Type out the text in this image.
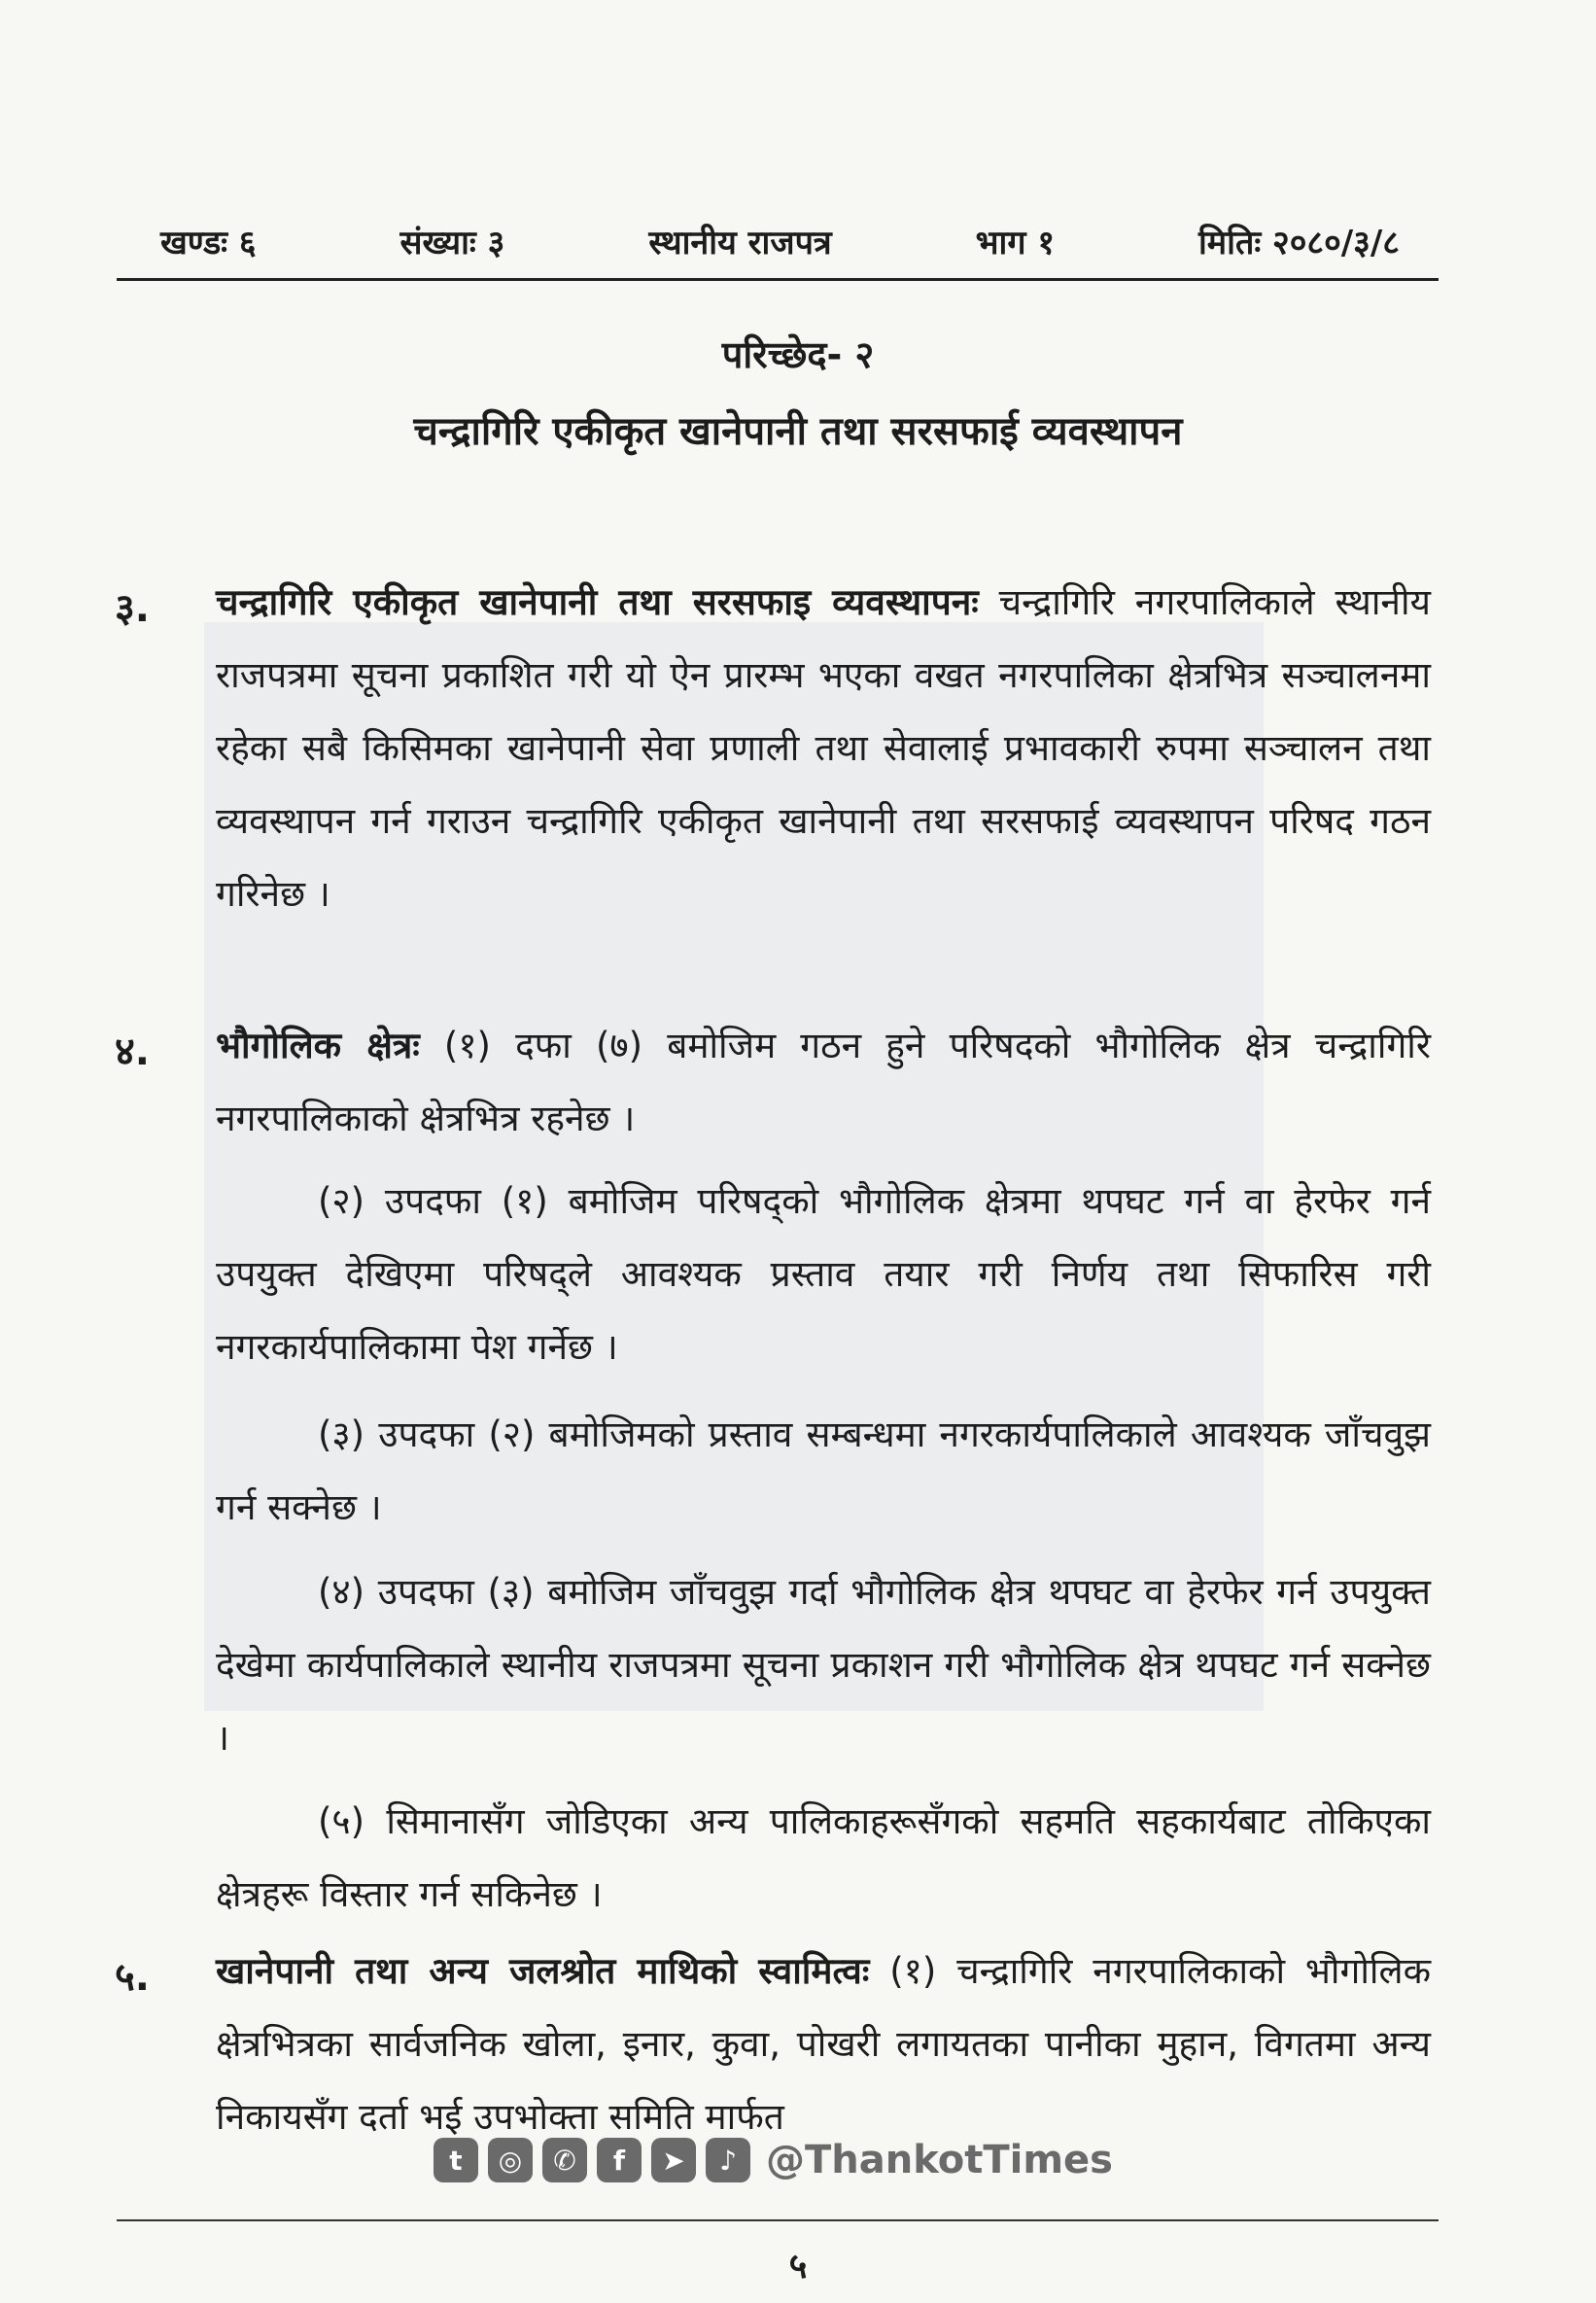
खण्डः ६	संख्याः ३	स्थानीय राजपत्र	भाग १	मितिः २०८०/३/८
परिच्छेद- २
चन्द्रागिरि एकीकृत खानेपानी तथा सरसफाई व्यवस्थापन
३. चन्द्रागिरि एकीकृत खानेपानी तथा सरसफाइ व्यवस्थापनः चन्द्रागिरि नगरपालिकाले स्थानीय राजपत्रमा सूचना प्रकाशित गरी यो ऐन प्रारम्भ भएका वखत नगरपालिका क्षेत्रभित्र सञ्चालनमा रहेका सबै किसिमका खानेपानी सेवा प्रणाली तथा सेवालाई प्रभावकारी रुपमा सञ्चालन तथा व्यवस्थापन गर्न गराउन चन्द्रागिरि एकीकृत खानेपानी तथा सरसफाई व्यवस्थापन परिषद गठन गरिनेछ ।
४. भौगोलिक क्षेत्रः (१) दफा (७) बमोजिम गठन हुने परिषदको भौगोलिक क्षेत्र चन्द्रागिरि नगरपालिकाको क्षेत्रभित्र रहनेछ ।
(२) उपदफा (१) बमोजिम परिषद्को भौगोलिक क्षेत्रमा थपघट गर्न वा हेरफेर गर्न उपयुक्त देखिएमा परिषद्ले आवश्यक प्रस्ताव तयार गरी निर्णय तथा सिफारिस गरी नगरकार्यपालिकामा पेश गर्नेछ ।
(३) उपदफा (२) बमोजिमको प्रस्ताव सम्बन्धमा नगरकार्यपालिकाले आवश्यक जाँचवुझ गर्न सक्नेछ ।
(४) उपदफा (३) बमोजिम जाँचवुझ गर्दा भौगोलिक क्षेत्र थपघट वा हेरफेर गर्न उपयुक्त देखेमा कार्यपालिकाले स्थानीय राजपत्रमा सूचना प्रकाशन गरी भौगोलिक क्षेत्र थपघट गर्न सक्नेछ ।
(५) सिमानासँग जोडिएका अन्य पालिकाहरूसँगको सहमति सहकार्यबाट तोकिएका क्षेत्रहरू विस्तार गर्न सकिनेछ ।
५. खानेपानी तथा अन्य जलश्रोत माथिको स्वामित्वः (१) चन्द्रागिरि नगरपालिकाको भौगोलिक क्षेत्रभित्रका सार्वजनिक खोला, इनार, कुवा, पोखरी लगायतका पानीका मुहान, विगतमा अन्य निकायसँग दर्ता भई उपभोक्ता समिति मार्फत
t	◎	✆	f	➤	♪ @ThankotTimes
५
